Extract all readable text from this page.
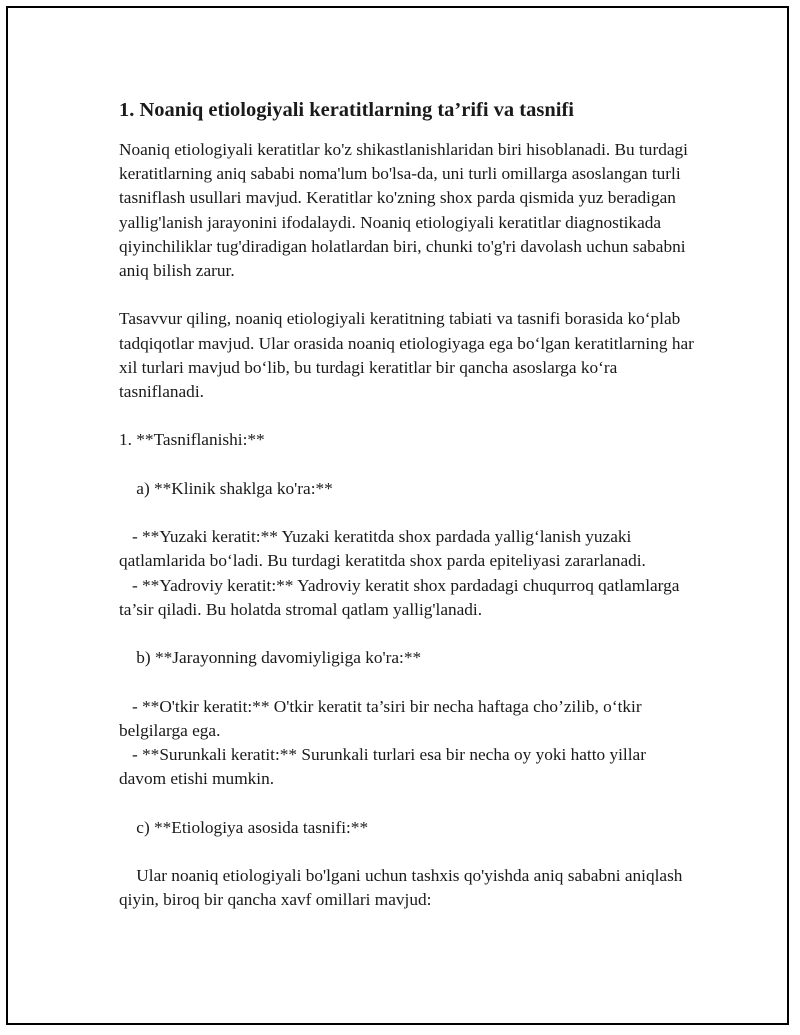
1. Noaniq etiologiyali keratitlarning ta’rifi va tasnifi

Noaniq etiologiyali keratitlar ko'z shikastlanishlaridan biri hisoblanadi. Bu turdagi keratitlarning aniq sababi noma'lum bo'lsa-da, uni turli omillarga asoslangan turli tasniflash usullari mavjud. Keratitlar ko'zning shox parda qismida yuz beradigan yallig'lanish jarayonini ifodalaydi. Noaniq etiologiyali keratitlar diagnostikada qiyinchiliklar tug'diradigan holatlardan biri, chunki to'g'ri davolash uchun sababni aniq bilish zarur.

Tasavvur qiling, noaniq etiologiyali keratitning tabiati va tasnifi borasida ko‘plab tadqiqotlar mavjud. Ular orasida noaniq etiologiyaga ega bo‘lgan keratitlarning har xil turlari mavjud bo‘lib, bu turdagi keratitlar bir qancha asoslarga ko‘ra tasniflanadi.

1. **Tasniflanishi:**

a) **Klinik shaklga ko'ra:**

- **Yuzaki keratit:** Yuzaki keratitda shox pardada yallig‘lanish yuzaki qatlamlarida bo‘ladi. Bu turdagi keratitda shox parda epiteliyasi zararlanadi.

- **Yadroviy keratit:** Yadroviy keratit shox pardadagi chuqurroq qatlamlarga ta’sir qiladi. Bu holatda stromal qatlam yallig'lanadi.

b) **Jarayonning davomiyligiga ko'ra:**

- **O'tkir keratit:** O'tkir keratit ta’siri bir necha haftaga cho’zilib, o‘tkir belgilarga ega.

- **Surunkali keratit:** Surunkali turlari esa bir necha oy yoki hatto yillar davom etishi mumkin.

c) **Etiologiya asosida tasnifi:**

Ular noaniq etiologiyali bo'lgani uchun tashxis qo'yishda aniq sababni aniqlash qiyin, biroq bir qancha xavf omillari mavjud:
